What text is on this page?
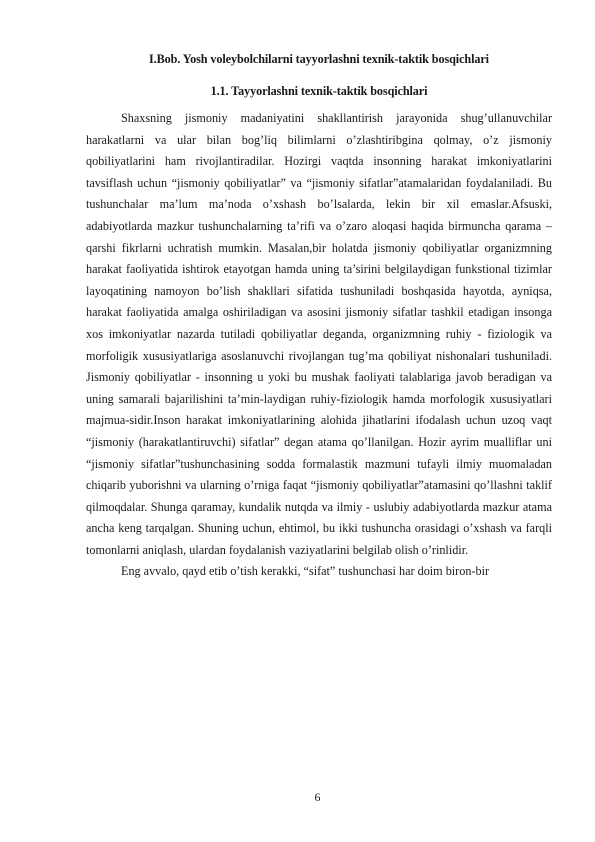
I.Bob. Yosh voleybolchilarni tayyorlashni texnik-taktik bosqichlari
1.1. Tayyorlashni texnik-taktik bosqichlari

Shaxsning jismoniy madaniyatini shakllantirish jarayonida shug’ullanuvchilar harakatlarni va ular bilan bog’liq bilimlarni o’zlashtiribgina qolmay, o’z jismoniy qobiliyatlarini ham rivojlantiradilar. Hozirgi vaqtda insonning harakat imkoniyatlarini tavsiflash uchun “jismoniy qobiliyatlar” va “jismoniy sifatlar”atamalaridan foydalaniladi. Bu tushunchalar ma’lum ma’noda o’xshash bo’lsalarda, lekin bir xil emaslar.Afsuski, adabiyotlarda mazkur tushunchalarning ta’rifi va o’zaro aloqasi haqida birmuncha qarama – qarshi fikrlarni uchratish mumkin. Masalan,bir holatda jismoniy qobiliyatlar organizmning harakat faoliyatida ishtirok etayotgan hamda uning ta’sirini belgilaydigan funkstional tizimlar layoqatining namoyon bo’lish shakllari sifatida tushuniladi boshqasida hayotda, ayniqsa, harakat faoliyatida amalga oshiriladigan va asosini jismoniy sifatlar tashkil etadigan insonga xos imkoniyatlar nazarda tutiladi qobiliyatlar deganda, organizmning ruhiy - fiziologik va morfoligik xususiyatlariga asoslanuvchi rivojlangan tug’ma qobiliyat nishonalari tushuniladi. Jismoniy qobiliyatlar - insonning u yoki bu mushak faoliyati talablariga javob beradigan va uning samarali bajarilishini ta’min-laydigan ruhiy-fiziologik hamda morfologik xususiyatlari majmua-sidir.Inson harakat imkoniyatlarining alohida jihatlarini ifodalash uchun uzoq vaqt “jismoniy (harakatlantiruvchi) sifatlar” degan atama qo’llanilgan. Hozir ayrim mualliflar uni “jismoniy sifatlar”tushunchasining sodda formalastik mazmuni tufayli ilmiy muomaladan chiqarib yuborishni va ularning o’rniga faqat “jismoniy qobiliyatlar”atamasini qo’llashni taklif qilmoqdalar. Shunga qaramay, kundalik nutqda va ilmiy - uslubiy adabiyotlarda mazkur atama ancha keng tarqalgan. Shuning uchun, ehtimol, bu ikki tushuncha orasidagi o’xshash va farqli tomonlarni aniqlash, ulardan foydalanish vaziyatlarini belgilab olish o’rinlidir.

Eng avvalo, qayd etib o’tish kerakki, “sifat” tushunchasi har doim biron-bir

6
